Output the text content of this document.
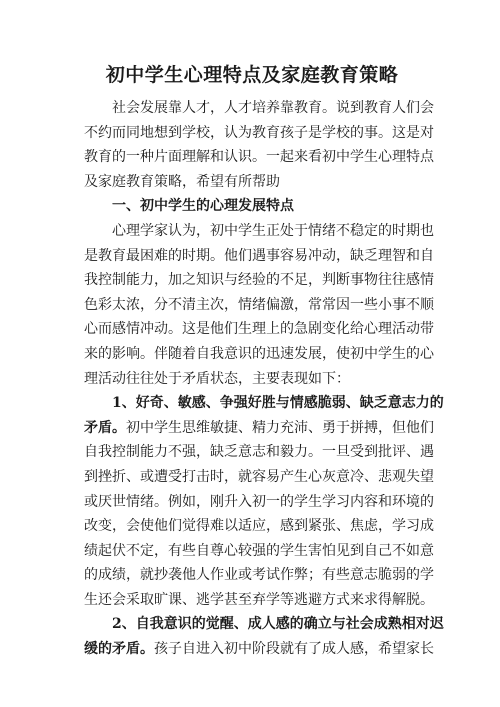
初中学生心理特点及家庭教育策略
社 会 发 展 靠 人 才 ， 人 才 培 养 靠 教 育 。 说 到 教 育 人 们 会
不 约 而 同 地 想 到 学 校 ， 认 为 教 育 孩 子 是 学 校 的 事 。 这 是 对
教 育 的 一 种 片 面 理 解 和 认 识 。 一 起 来 看 初 中 学 生 心 理 特 点
及 家 庭 教 育 策 略 ， 希 望 有 所 帮 助
一 、 初 中 学 生 的 心 理 发 展 特 点
心 理 学 家 认 为 ， 初 中 学 生 正 处 于 情 绪 不 稳 定 的 时 期 也
是 教 育 最 困 难 的 时 期 。 他 们 遇 事 容 易 冲 动 ， 缺 乏 理 智 和 自
我 控 制 能 力 ， 加 之 知 识 与 经 验 的 不 足 ， 判 断 事 物 往 往 感 情
色 彩 太 浓 ， 分 不 清 主 次 ， 情 绪 偏 激 ， 常 常 因 一 些 小 事 不 顺
心 而 感 情 冲 动 。 这 是 他 们 生 理 上 的 急 剧 变 化 给 心 理 活 动 带
来 的 影 响 。 伴 随 着 自 我 意 识 的 迅 速 发 展 ， 使 初 中 学 生 的 心
理 活 动 往 往 处 于 矛 盾 状 态 ， 主 要 表 现 如 下 ：
1 、 好 奇 、 敏 感 、 争 强 好 胜 与 情 感 脆 弱 、 缺 乏 意 志 力 的
矛 盾 。 初 中 学 生 思 维 敏 捷 、 精 力 充 沛 、 勇 于 拼 搏 ， 但 他 们
自 我 控 制 能 力 不 强 ， 缺 乏 意 志 和 毅 力 。 一 旦 受 到 批 评 、 遇
到 挫 折 、 或 遭 受 打 击 时 ， 就 容 易 产 生 心 灰 意 冷 、 悲 观 失 望
或 厌 世 情 绪 。 例 如 ， 刚 升 入 初 一 的 学 生 学 习 内 容 和 环 境 的
改 变 ， 会 使 他 们 觉 得 难 以 适 应 ， 感 到 紧 张 、 焦 虑 ， 学 习 成
绩 起 伏 不 定 ， 有 些 自 尊 心 较 强 的 学 生 害 怕 见 到 自 己 不 如 意
的 成 绩 ， 就 抄 袭 他 人 作 业 或 考 试 作 弊 ； 有 些 意 志 脆 弱 的 学
生 还 会 采 取 旷 课 、 逃 学 甚 至 弃 学 等 逃 避 方 式 来 求 得 解 脱 。
2 、 自 我 意 识 的 觉 醒 、 成 人 感 的 确 立 与 社 会 成 熟 相 对 迟
缓 的 矛 盾 。 孩 子 自 进 入 初 中 阶 段 就 有 了 成 人 感 ， 希 望 家 长
